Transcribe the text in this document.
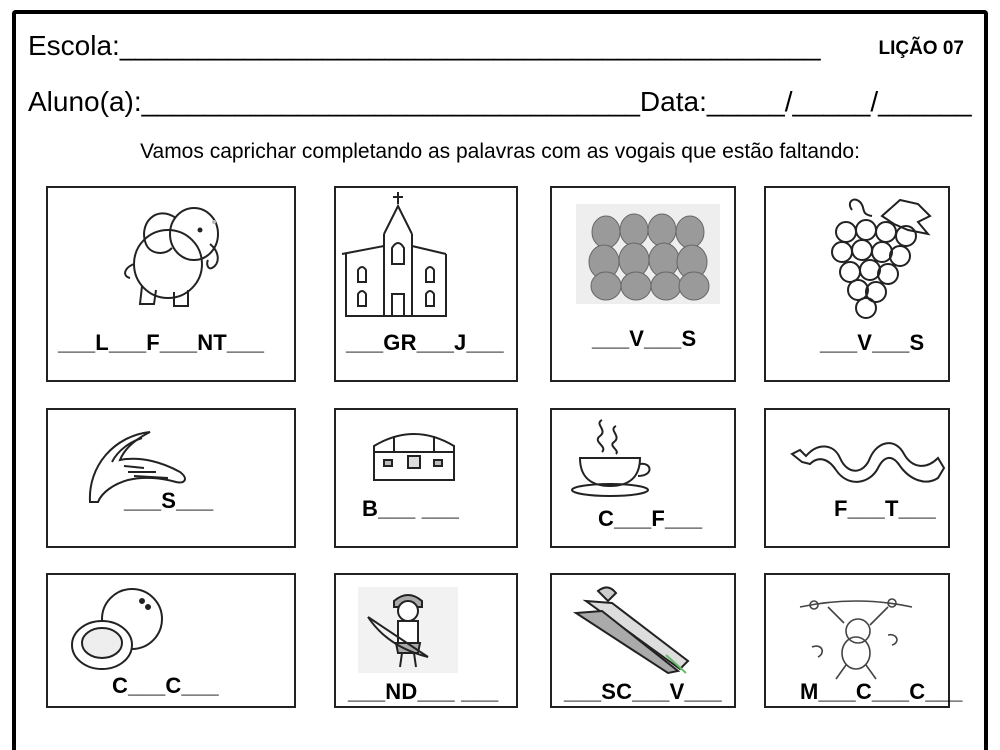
Escola:_____________________________________________	LIÇÃO 07
Aluno(a):________________________________Data:_____/_____/______
Vamos caprichar completando as palavras com as vogais que estão faltando:
___L___F___NT___	___GR___J___	___V___S	___V___S
___S___	B___ ___	C___F___	F___T___
C___C___	___ND___ ___	___SC___V___	M___C___C___
